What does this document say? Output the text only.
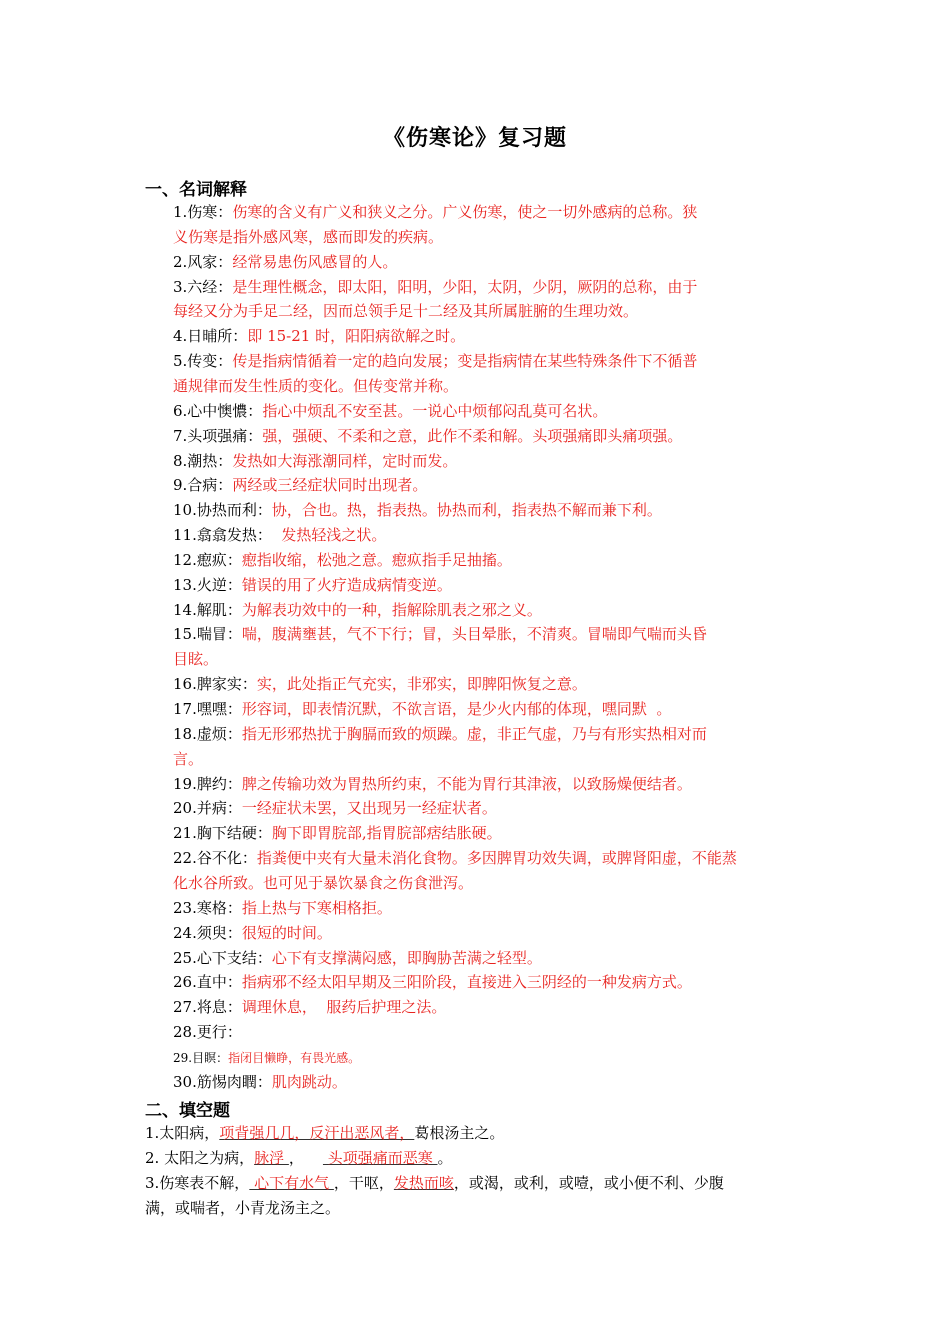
《伤寒论》复习题
一、名词解释
1.伤寒：伤寒的含义有广义和狭义之分。广义伤寒，使之一切外感病的总称。狭
义伤寒是指外感风寒，感而即发的疾病。
2.风家：经常易患伤风感冒的人。
3.六经：是生理性概念，即太阳，阳明，少阳，太阴，少阴，厥阴的总称，由于
每经又分为手足二经，因而总领手足十二经及其所属脏腑的生理功效。
4.日晡所：即 15-21 时，阳阳病欲解之时。
5.传变：传是指病情循着一定的趋向发展；变是指病情在某些特殊条件下不循普
通规律而发生性质的变化。但传变常并称。
6.心中懊憹：指心中烦乱不安至甚。一说心中烦郁闷乱莫可名状。
7.头项强痛：强，强硬、不柔和之意，此作不柔和解。头项强痛即头痛项强。
8.潮热：发热如大海涨潮同样，定时而发。
9.合病：两经或三经症状同时出现者。
10.协热而利：协，合也。热，指表热。协热而利，指表热不解而兼下利。
11.翕翕发热：  发热轻浅之状。
12.瘛疭：瘛指收缩，松弛之意。瘛疭指手足抽搐。
13.火逆：错误的用了火疗造成病情变逆。
14.解肌：为解表功效中的一种，指解除肌表之邪之义。
15.喘冒：喘，腹满壅甚，气不下行；冒，头目晕胀，不清爽。冒喘即气喘而头昏
目眩。
16.脾家实：实，此处指正气充实，非邪实，即脾阳恢复之意。
17.嘿嘿：形容词，即表情沉默，不欲言语，是少火内郁的体现，嘿同默  。
18.虚烦：指无形邪热扰于胸膈而致的烦躁。虚，非正气虚，乃与有形实热相对而
言。
19.脾约：脾之传输功效为胃热所约束，不能为胃行其津液，以致肠燥便结者。
20.并病：一经症状未罢，又出现另一经症状者。
21.胸下结硬：胸下即胃脘部,指胃脘部痞结胀硬。
22.谷不化：指粪便中夹有大量未消化食物。多因脾胃功效失调，或脾肾阳虚，不能蒸
化水谷所致。也可见于暴饮暴食之伤食泄泻。
23.寒格：指上热与下寒相格拒。
24.须臾：很短的时间。
25.心下支结：心下有支撑满闷感，即胸胁苦满之轻型。
26.直中：指病邪不经太阳早期及三阳阶段，直接进入三阴经的一种发病方式。
27.将息：调理休息，  服药后护理之法。
28.更行：
29.目瞑：指闭目懒睁，有畏光感。
30.筋惕肉瞤：肌肉跳动。
二、填空题
1.太阳病，项背强几几，反汗出恶风者，葛根汤主之。
2. 太阳之为病，脉浮 ，     头项强痛而恶寒 。
3.伤寒表不解， 心下有水气 ，干呕，发热而咳，或渴，或利，或噎，或小便不利、少腹
满，或喘者，小青龙汤主之。
